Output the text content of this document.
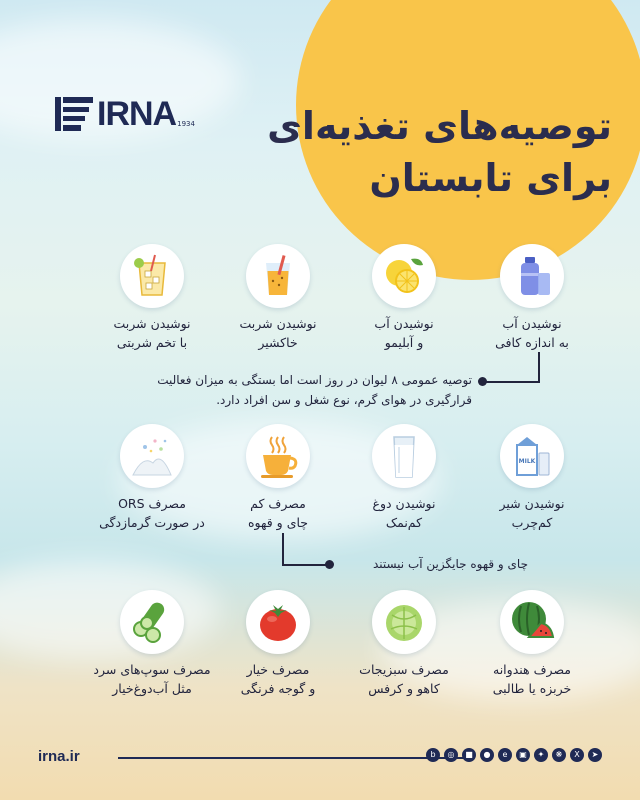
IRNA 1934 توصیه‌های تغذیه‌ای
برای تابستان
نوشیدن آب
به اندازه کافی
نوشیدن آب
و آبلیمو
نوشیدن شربت
خاکشیر
نوشیدن شربت
با تخم شربتی
توصیه عمومی ۸ لیوان در روز است اما بستگی به میزان فعالیت
قرارگیری در هوای گرم، نوع شغل و سن افراد دارد.
MILK
نوشیدن شیر
کم‌چرب
نوشیدن دوغ
کم‌نمک
مصرف کم
چای و قهوه
مصرف ORS
در صورت گرمازدگی
چای و قهوه جایگزین آب نیستند
مصرف هندوانه
خربزه یا طالبی
مصرف سبزیجات
کاهو و کرفس
مصرف خیار
و گوجه فرنگی
مصرف سوپ‌های سرد
مثل آب‌دوغ‌خیار
irna.ir	b	◎	■	●	e	▣	✦	❋	X	➤
